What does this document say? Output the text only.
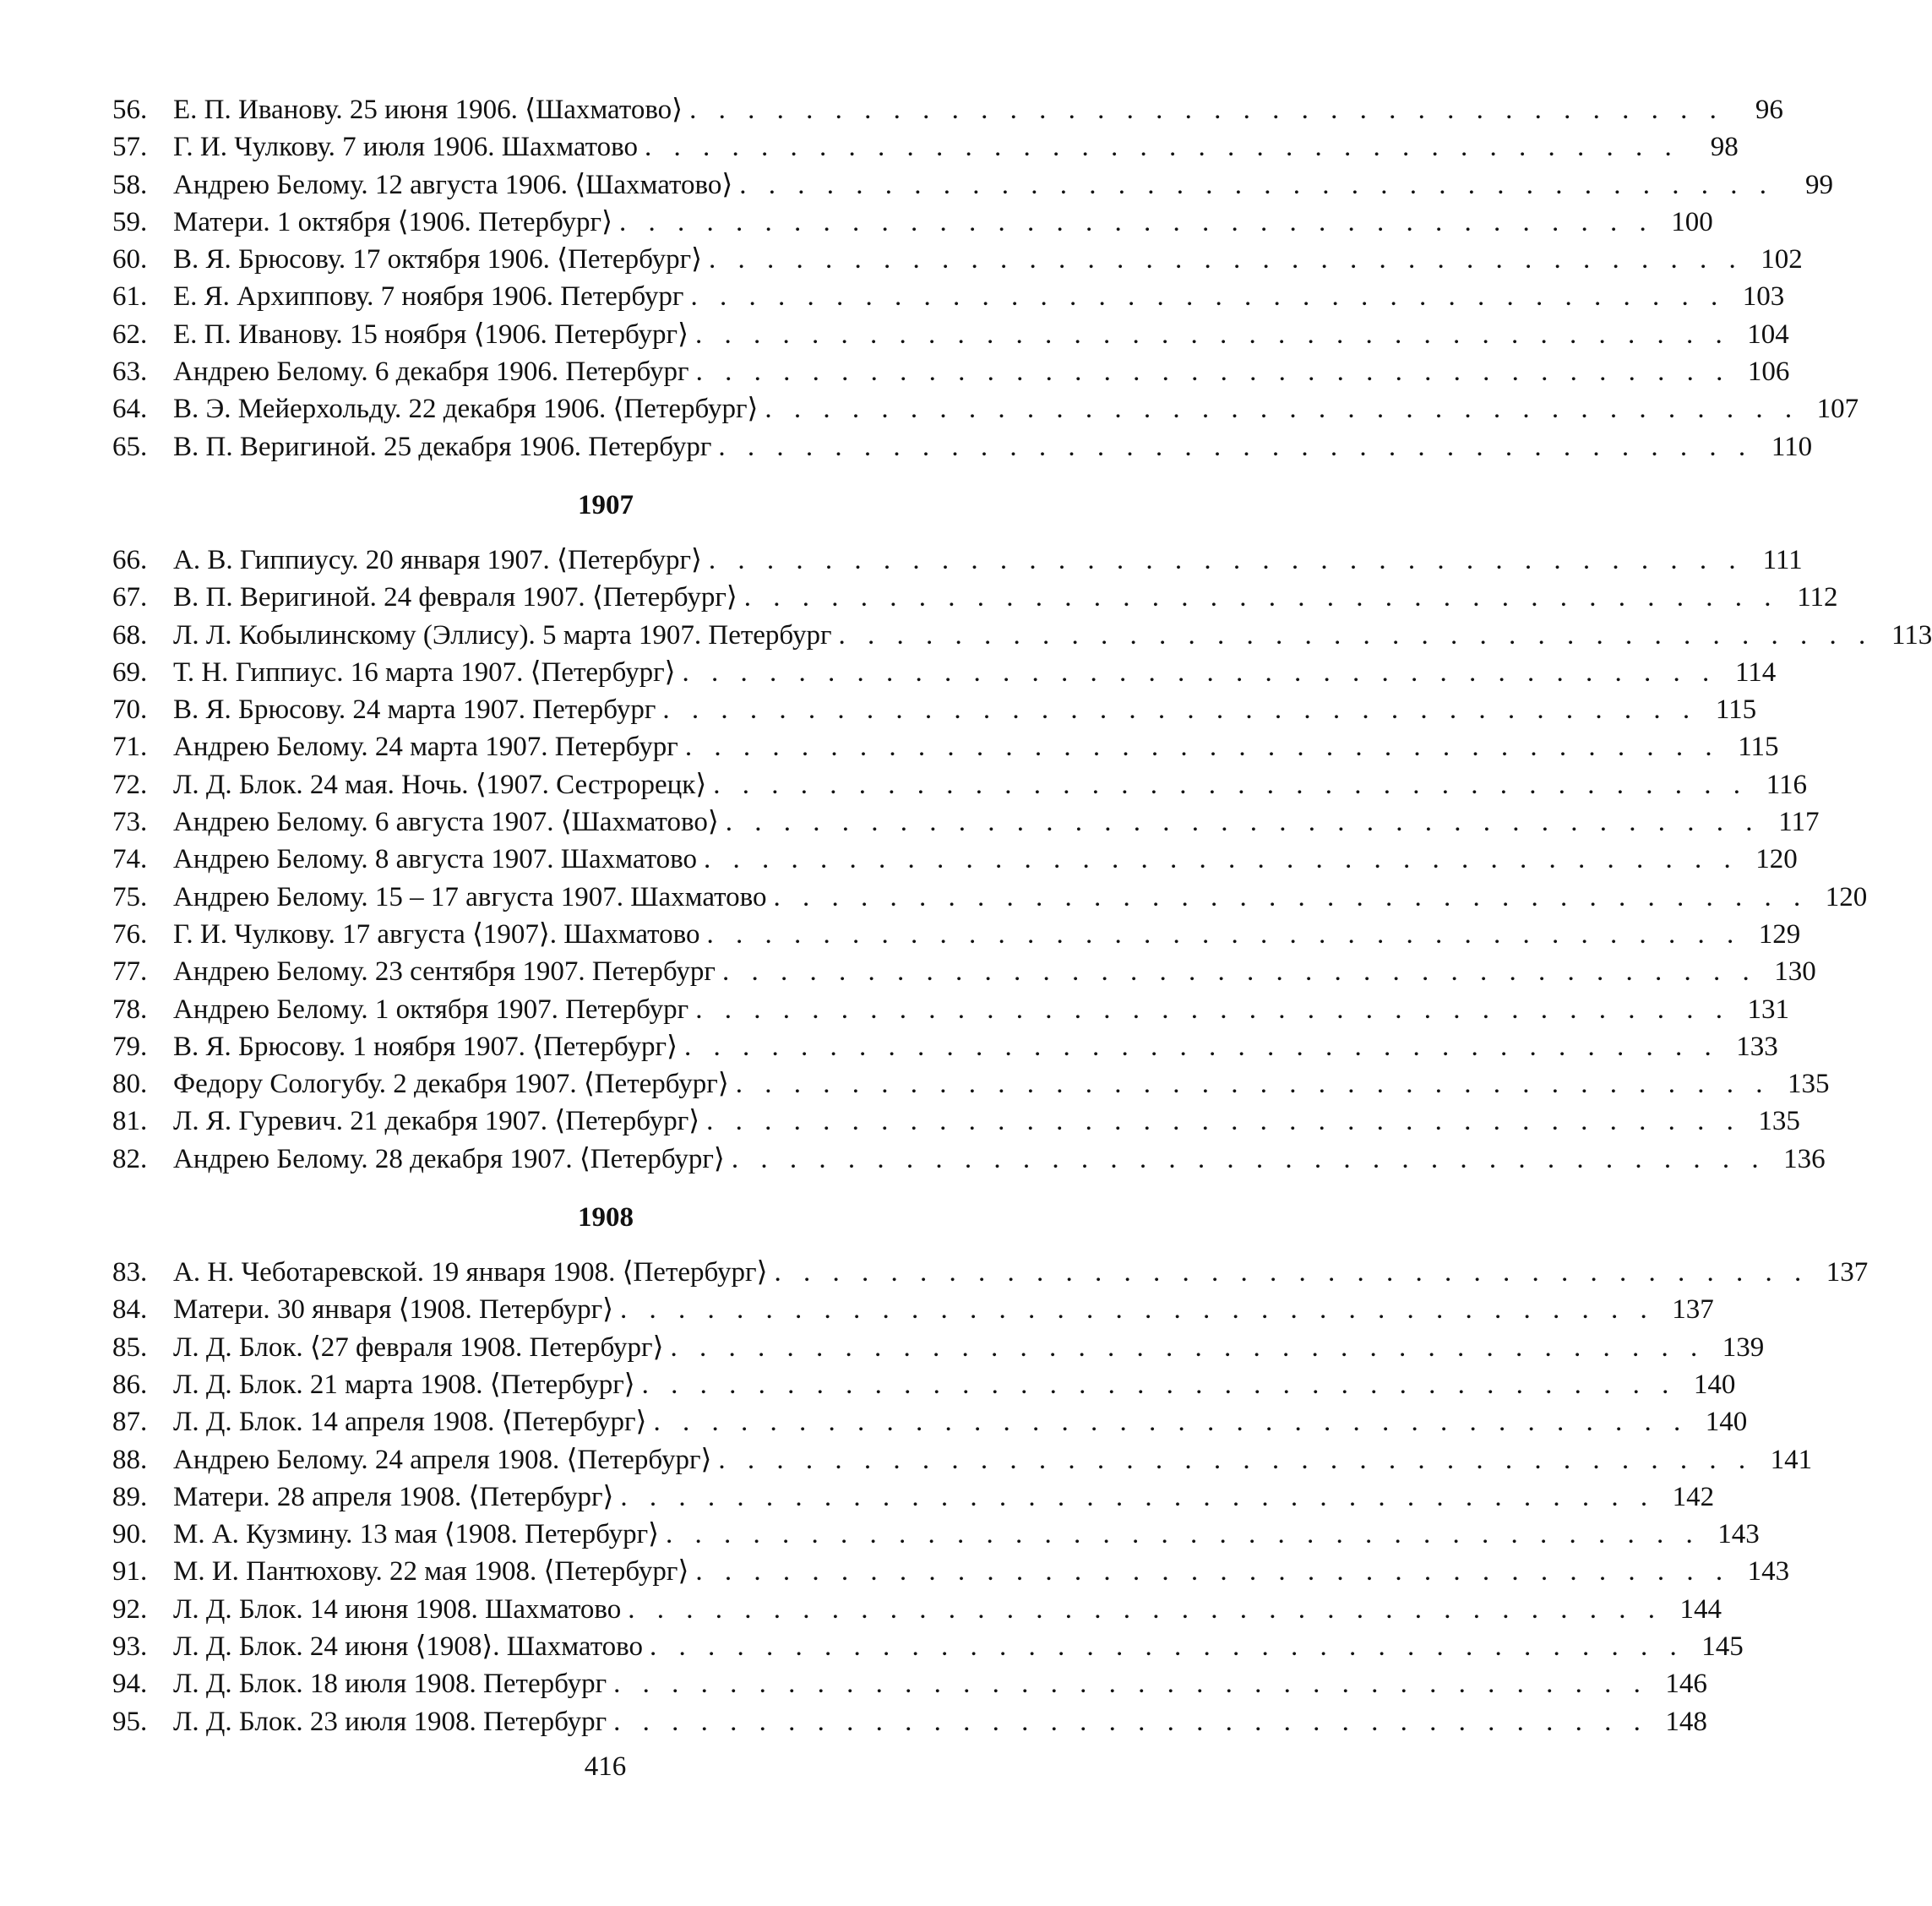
56. Е. П. Иванову. 25 июня 1906. ⟨Шахматово⟩ . . . . . . . . . . . . . . . . . . . . . . . . . . . . . . . . . . . .	96
57. Г. И. Чулкову. 7 июля 1906. Шахматово . . . . . . . . . . . . . . . . . . . . . . . . . . . . . . . . . . . .	98
58. Андрею Белому. 12 августа 1906. ⟨Шахматово⟩ . . . . . . . . . . . . . . . . . . . . . . . . . . . . . . . . . . . .	99
59. Матери. 1 октября ⟨1906. Петербург⟩ . . . . . . . . . . . . . . . . . . . . . . . . . . . . . . . . . . . . 100
60. В. Я. Брюсову. 17 октября 1906. ⟨Петербург⟩ . . . . . . . . . . . . . . . . . . . . . . . . . . . . . . . . . . . . 102
61. Е. Я. Архиппову. 7 ноября 1906. Петербург . . . . . . . . . . . . . . . . . . . . . . . . . . . . . . . . . . . . 103
62. Е. П. Иванову. 15 ноября ⟨1906. Петербург⟩ . . . . . . . . . . . . . . . . . . . . . . . . . . . . . . . . . . . . 104
63. Андрею Белому. 6 декабря 1906. Петербург . . . . . . . . . . . . . . . . . . . . . . . . . . . . . . . . . . . . 106
64. В. Э. Мейерхольду. 22 декабря 1906. ⟨Петербург⟩ . . . . . . . . . . . . . . . . . . . . . . . . . . . . . . . . . . . . 107
65. В. П. Веригиной. 25 декабря 1906. Петербург . . . . . . . . . . . . . . . . . . . . . . . . . . . . . . . . . . . . 110
1907
66. А. В. Гиппиусу. 20 января 1907. ⟨Петербург⟩ . . . . . . . . . . . . . . . . . . . . . . . . . . . . . . . . . . . . 111
67. В. П. Веригиной. 24 февраля 1907. ⟨Петербург⟩ . . . . . . . . . . . . . . . . . . . . . . . . . . . . . . . . . . . . 112
68. Л. Л. Кобылинскому (Эллису). 5 марта 1907. Петербург . . . . . . . . . . . . . . . . . . . . . . . . . . . . . . . . . . . . 113
69. Т. Н. Гиппиус. 16 марта 1907. ⟨Петербург⟩ . . . . . . . . . . . . . . . . . . . . . . . . . . . . . . . . . . . . 114
70. В. Я. Брюсову. 24 марта 1907. Петербург . . . . . . . . . . . . . . . . . . . . . . . . . . . . . . . . . . . . 115
71. Андрею Белому. 24 марта 1907. Петербург . . . . . . . . . . . . . . . . . . . . . . . . . . . . . . . . . . . . 115
72. Л. Д. Блок. 24 мая. Ночь. ⟨1907. Сестрорецк⟩ . . . . . . . . . . . . . . . . . . . . . . . . . . . . . . . . . . . . 116
73. Андрею Белому. 6 августа 1907. ⟨Шахматово⟩ . . . . . . . . . . . . . . . . . . . . . . . . . . . . . . . . . . . . 117
74. Андрею Белому. 8 августа 1907. Шахматово . . . . . . . . . . . . . . . . . . . . . . . . . . . . . . . . . . . . 120
75. Андрею Белому. 15 – 17 августа 1907. Шахматово . . . . . . . . . . . . . . . . . . . . . . . . . . . . . . . . . . . . 120
76. Г. И. Чулкову. 17 августа ⟨1907⟩. Шахматово . . . . . . . . . . . . . . . . . . . . . . . . . . . . . . . . . . . . 129
77. Андрею Белому. 23 сентября 1907. Петербург . . . . . . . . . . . . . . . . . . . . . . . . . . . . . . . . . . . . 130
78. Андрею Белому. 1 октября 1907. Петербург . . . . . . . . . . . . . . . . . . . . . . . . . . . . . . . . . . . . 131
79. В. Я. Брюсову. 1 ноября 1907. ⟨Петербург⟩ . . . . . . . . . . . . . . . . . . . . . . . . . . . . . . . . . . . . 133
80. Федору Сологубу. 2 декабря 1907. ⟨Петербург⟩ . . . . . . . . . . . . . . . . . . . . . . . . . . . . . . . . . . . . 135
81. Л. Я. Гуревич. 21 декабря 1907. ⟨Петербург⟩ . . . . . . . . . . . . . . . . . . . . . . . . . . . . . . . . . . . . 135
82. Андрею Белому. 28 декабря 1907. ⟨Петербург⟩ . . . . . . . . . . . . . . . . . . . . . . . . . . . . . . . . . . . . 136
1908
83. А. Н. Чеботаревской. 19 января 1908. ⟨Петербург⟩ . . . . . . . . . . . . . . . . . . . . . . . . . . . . . . . . . . . . 137
84. Матери. 30 января ⟨1908. Петербург⟩ . . . . . . . . . . . . . . . . . . . . . . . . . . . . . . . . . . . . 137
85. Л. Д. Блок. ⟨27 февраля 1908. Петербург⟩ . . . . . . . . . . . . . . . . . . . . . . . . . . . . . . . . . . . . 139
86. Л. Д. Блок. 21 марта 1908. ⟨Петербург⟩ . . . . . . . . . . . . . . . . . . . . . . . . . . . . . . . . . . . . 140
87. Л. Д. Блок. 14 апреля 1908. ⟨Петербург⟩ . . . . . . . . . . . . . . . . . . . . . . . . . . . . . . . . . . . . 140
88. Андрею Белому. 24 апреля 1908. ⟨Петербург⟩ . . . . . . . . . . . . . . . . . . . . . . . . . . . . . . . . . . . . 141
89. Матери. 28 апреля 1908. ⟨Петербург⟩ . . . . . . . . . . . . . . . . . . . . . . . . . . . . . . . . . . . . 142
90. М. А. Кузмину. 13 мая ⟨1908. Петербург⟩ . . . . . . . . . . . . . . . . . . . . . . . . . . . . . . . . . . . . 143
91. М. И. Пантюхову. 22 мая 1908. ⟨Петербург⟩ . . . . . . . . . . . . . . . . . . . . . . . . . . . . . . . . . . . . 143
92. Л. Д. Блок. 14 июня 1908. Шахматово . . . . . . . . . . . . . . . . . . . . . . . . . . . . . . . . . . . . 144
93. Л. Д. Блок. 24 июня ⟨1908⟩. Шахматово . . . . . . . . . . . . . . . . . . . . . . . . . . . . . . . . . . . . 145
94. Л. Д. Блок. 18 июля 1908. Петербург . . . . . . . . . . . . . . . . . . . . . . . . . . . . . . . . . . . . 146
95. Л. Д. Блок. 23 июля 1908. Петербург . . . . . . . . . . . . . . . . . . . . . . . . . . . . . . . . . . . . 148
416
